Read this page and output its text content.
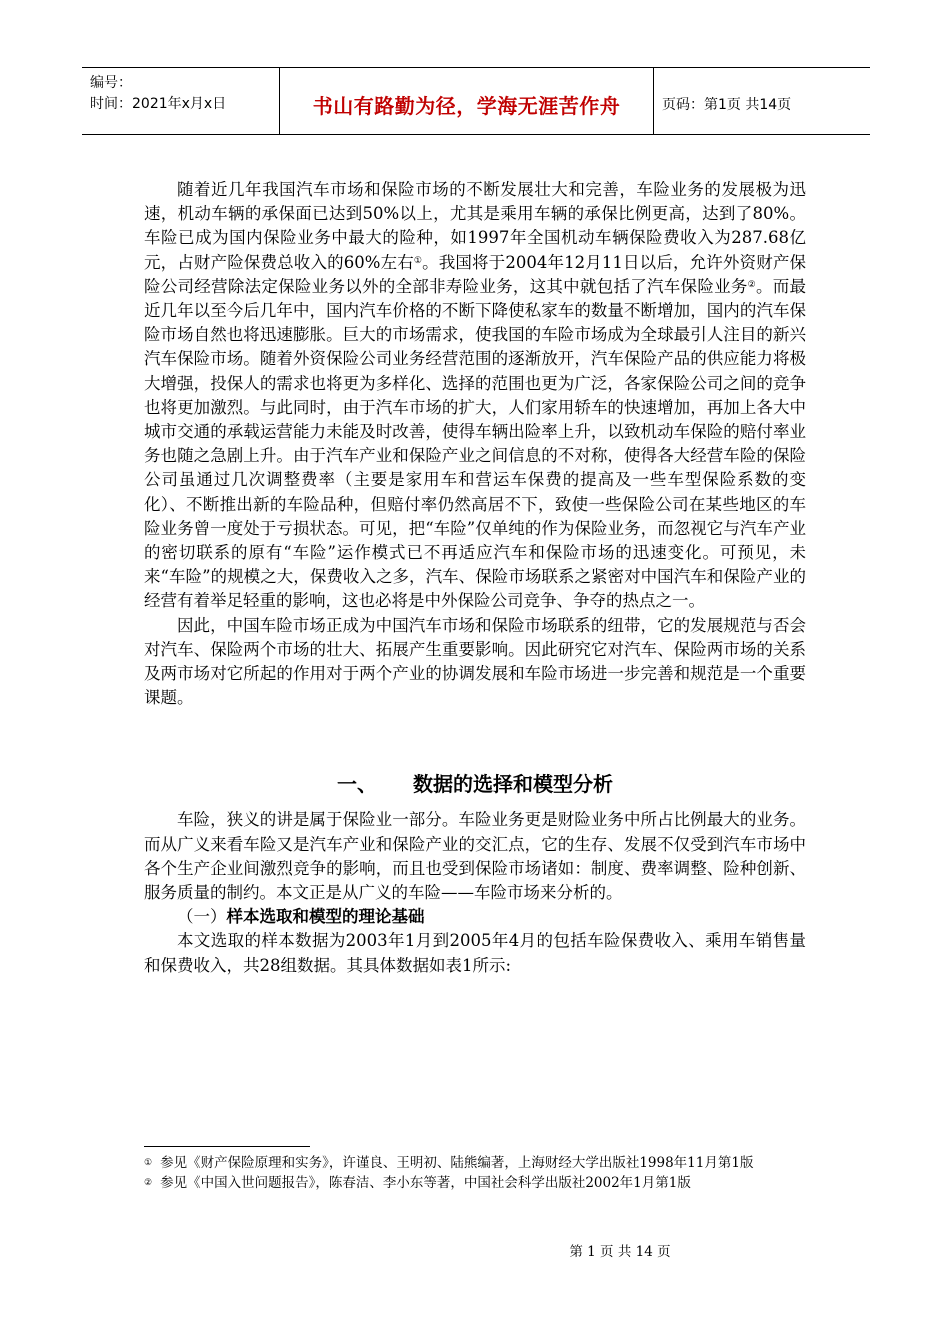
编号：
时间：2021年x月x日	书山有路勤为径，学海无涯苦作舟	页码：第1页 共14页

随着近几年我国汽车市场和保险市场的不断发展壮大和完善，车险业务的发展极为迅速，机动车辆的承保面已达到50%以上，尤其是乘用车辆的承保比例更高，达到了80%。车险已成为国内保险业务中最大的险种，如1997年全国机动车辆保险费收入为287.68亿元，占财产险保费总收入的60%左右①。我国将于2004年12月11日以后，允许外资财产保险公司经营除法定保险业务以外的全部非寿险业务，这其中就包括了汽车保险业务②。而最近几年以至今后几年中，国内汽车价格的不断下降使私家车的数量不断增加，国内的汽车保险市场自然也将迅速膨胀。巨大的市场需求，使我国的车险市场成为全球最引人注目的新兴汽车保险市场。随着外资保险公司业务经营范围的逐渐放开，汽车保险产品的供应能力将极大增强，投保人的需求也将更为多样化、选择的范围也更为广泛，各家保险公司之间的竞争也将更加激烈。与此同时，由于汽车市场的扩大，人们家用轿车的快速增加，再加上各大中城市交通的承载运营能力未能及时改善，使得车辆出险率上升，以致机动车保险的赔付率业务也随之急剧上升。由于汽车产业和保险产业之间信息的不对称，使得各大经营车险的保险公司虽通过几次调整费率（主要是家用车和营运车保费的提高及一些车型保险系数的变化）、不断推出新的车险品种，但赔付率仍然高居不下，致使一些保险公司在某些地区的车险业务曾一度处于亏损状态。可见，把“车险”仅单纯的作为保险业务，而忽视它与汽车产业的密切联系的原有“车险”运作模式已不再适应汽车和保险市场的迅速变化。可预见，未来“车险”的规模之大，保费收入之多，汽车、保险市场联系之紧密对中国汽车和保险产业的经营有着举足轻重的影响，这也必将是中外保险公司竞争、争夺的热点之一。

因此，中国车险市场正成为中国汽车市场和保险市场联系的纽带，它的发展规范与否会对汽车、保险两个市场的壮大、拓展产生重要影响。因此研究它对汽车、保险两市场的关系及两市场对它所起的作用对于两个产业的协调发展和车险市场进一步完善和规范是一个重要课题。

一、 数据的选择和模型分析

车险，狭义的讲是属于保险业一部分。车险业务更是财险业务中所占比例最大的业务。而从广义来看车险又是汽车产业和保险产业的交汇点，它的生存、发展不仅受到汽车市场中各个生产企业间激烈竞争的影响，而且也受到保险市场诸如：制度、费率调整、险种创新、服务质量的制约。本文正是从广义的车险——车险市场来分析的。

（一）样本选取和模型的理论基础

本文选取的样本数据为2003年1月到2005年4月的包括车险保费收入、乘用车销售量和保费收入，共28组数据。其具体数据如表1所示:

① 参见《财产保险原理和实务》，许谨良、王明初、陆熊编著，上海财经大学出版社1998年11月第1版

② 参见《中国入世问题报告》，陈春洁、李小东等著，中国社会科学出版社2002年1月第1版

第 1 页 共 14 页
